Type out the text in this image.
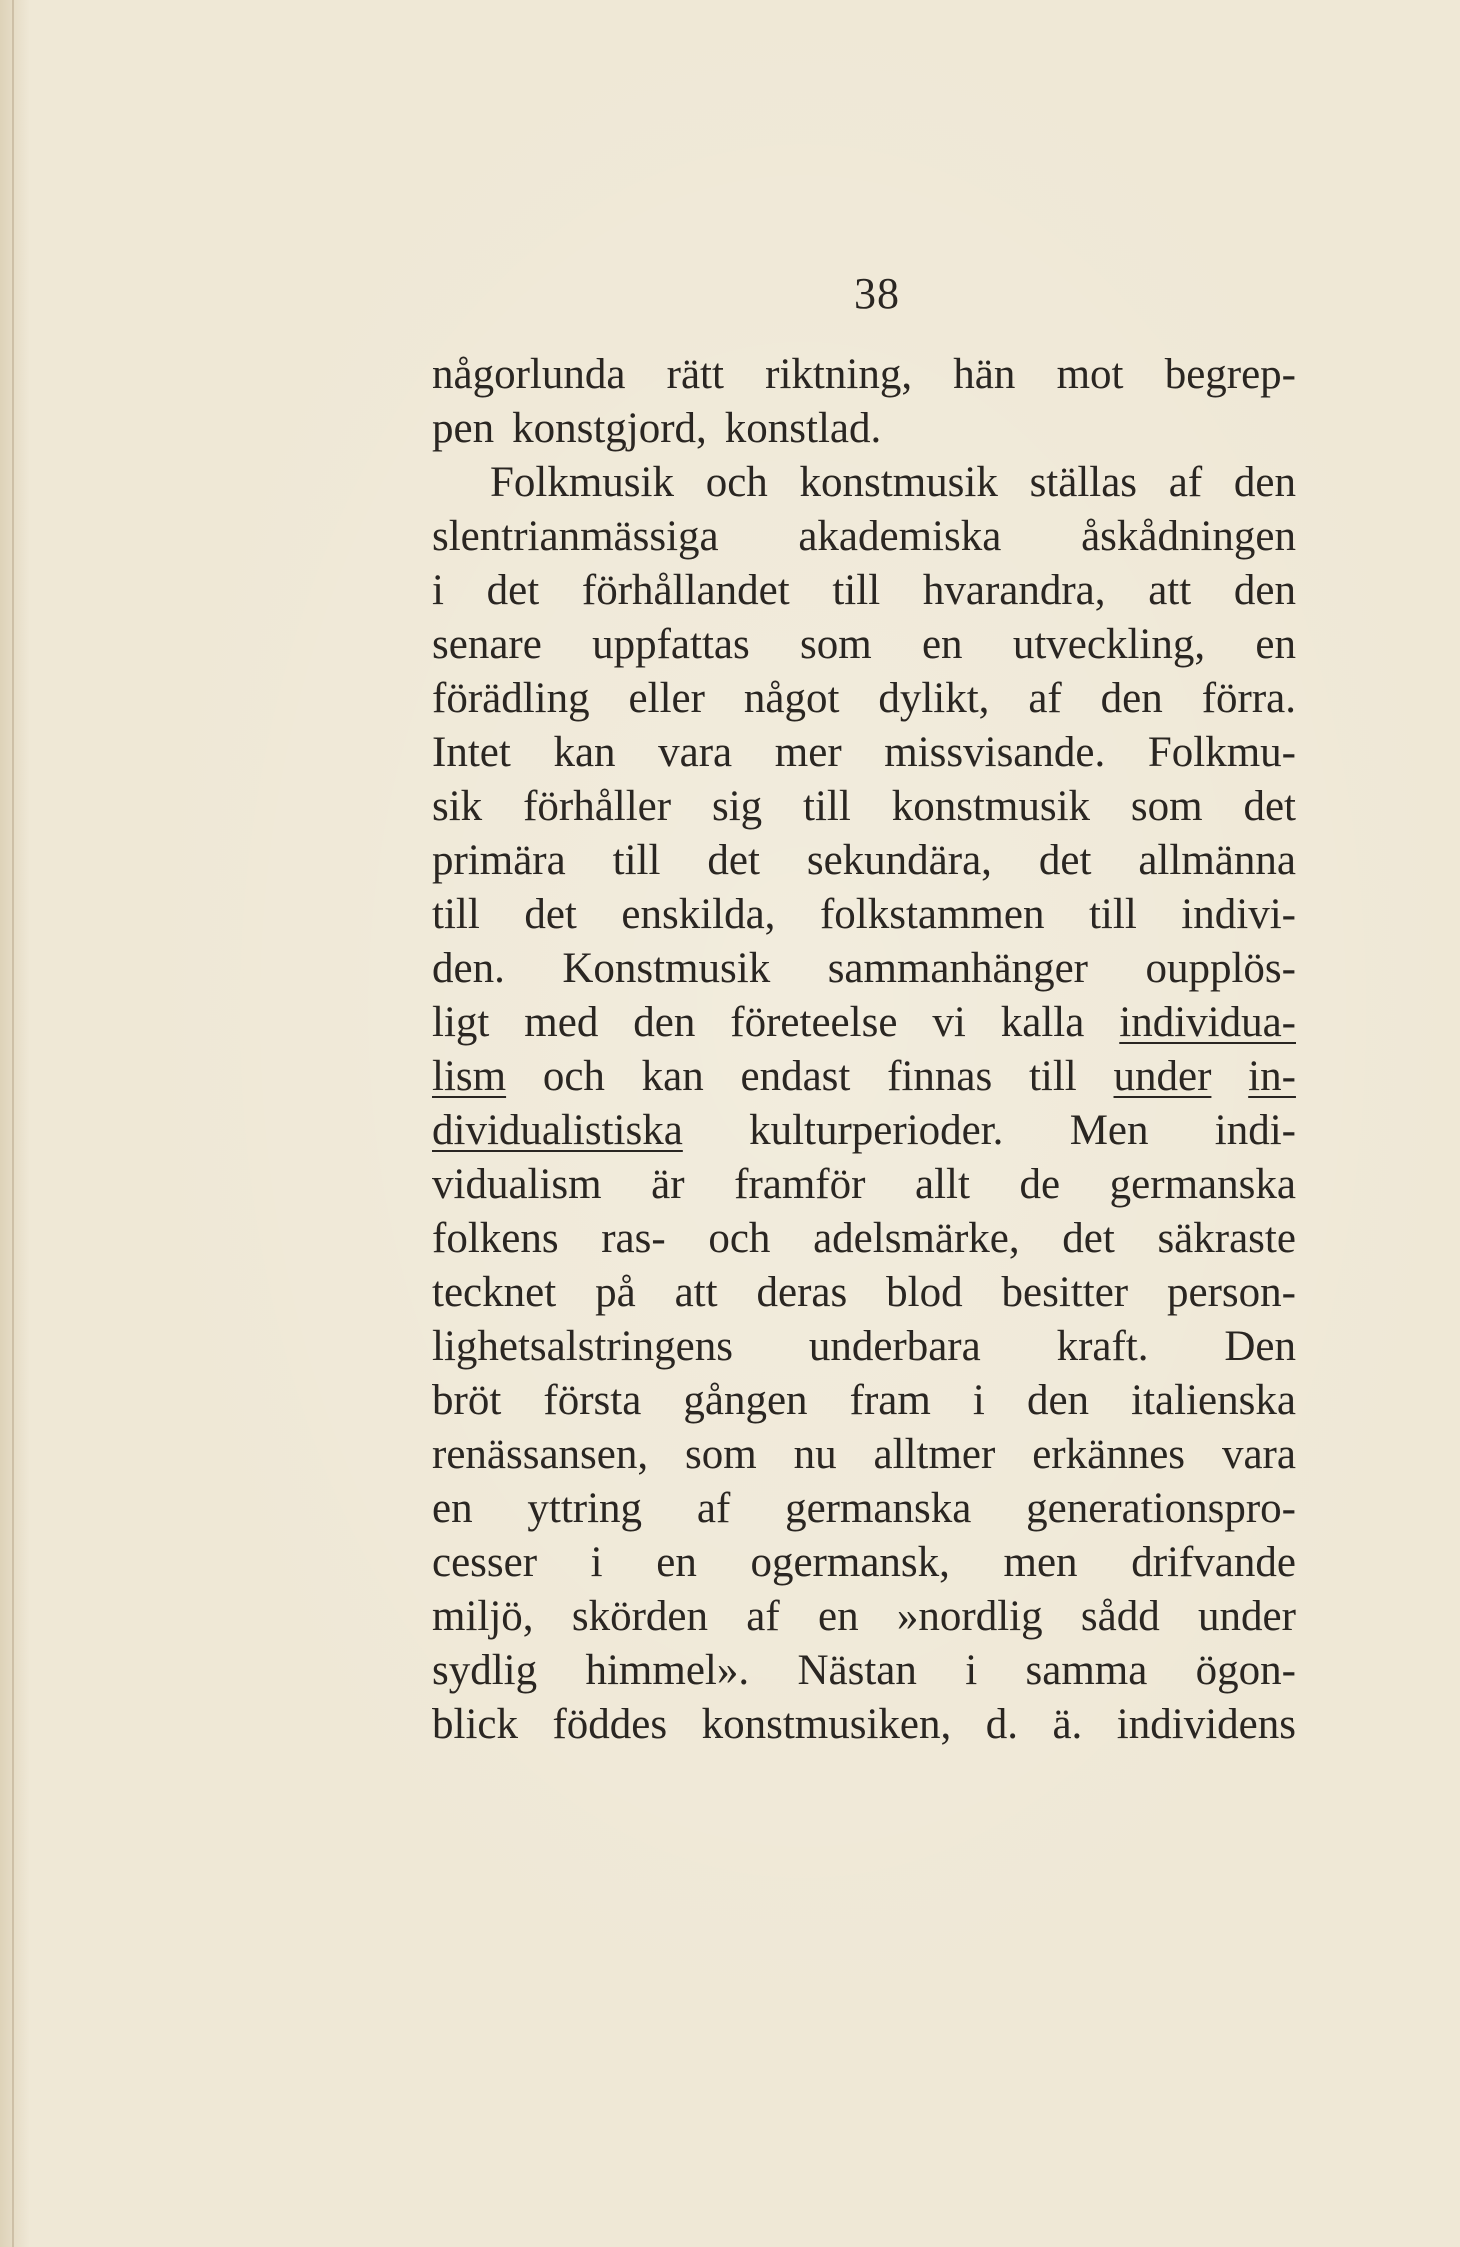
38
någorlunda rätt riktning, hän mot begrep-
pen konstgjord, konstlad.
Folkmusik och konstmusik ställas af den
slentrianmässiga akademiska åskådningen
i det förhållandet till hvarandra, att den
senare uppfattas som en utveckling, en
förädling eller något dylikt, af den förra.
Intet kan vara mer missvisande. Folkmu-
sik förhåller sig till konstmusik som det
primära till det sekundära, det allmänna
till det enskilda, folkstammen till indivi-
den. Konstmusik sammanhänger oupplös-
ligt med den företeelse vi kalla individua-
lism och kan endast finnas till under in-
dividualistiska kulturperioder. Men indi-
vidualism är framför allt de germanska
folkens ras- och adelsmärke, det säkraste
tecknet på att deras blod besitter person-
lighetsalstringens underbara kraft. Den
bröt första gången fram i den italienska
renässansen, som nu alltmer erkännes vara
en yttring af germanska generationspro-
cesser i en ogermansk, men drifvande
miljö, skörden af en »nordlig sådd under
sydlig himmel». Nästan i samma ögon-
blick föddes konstmusiken, d. ä. individens
